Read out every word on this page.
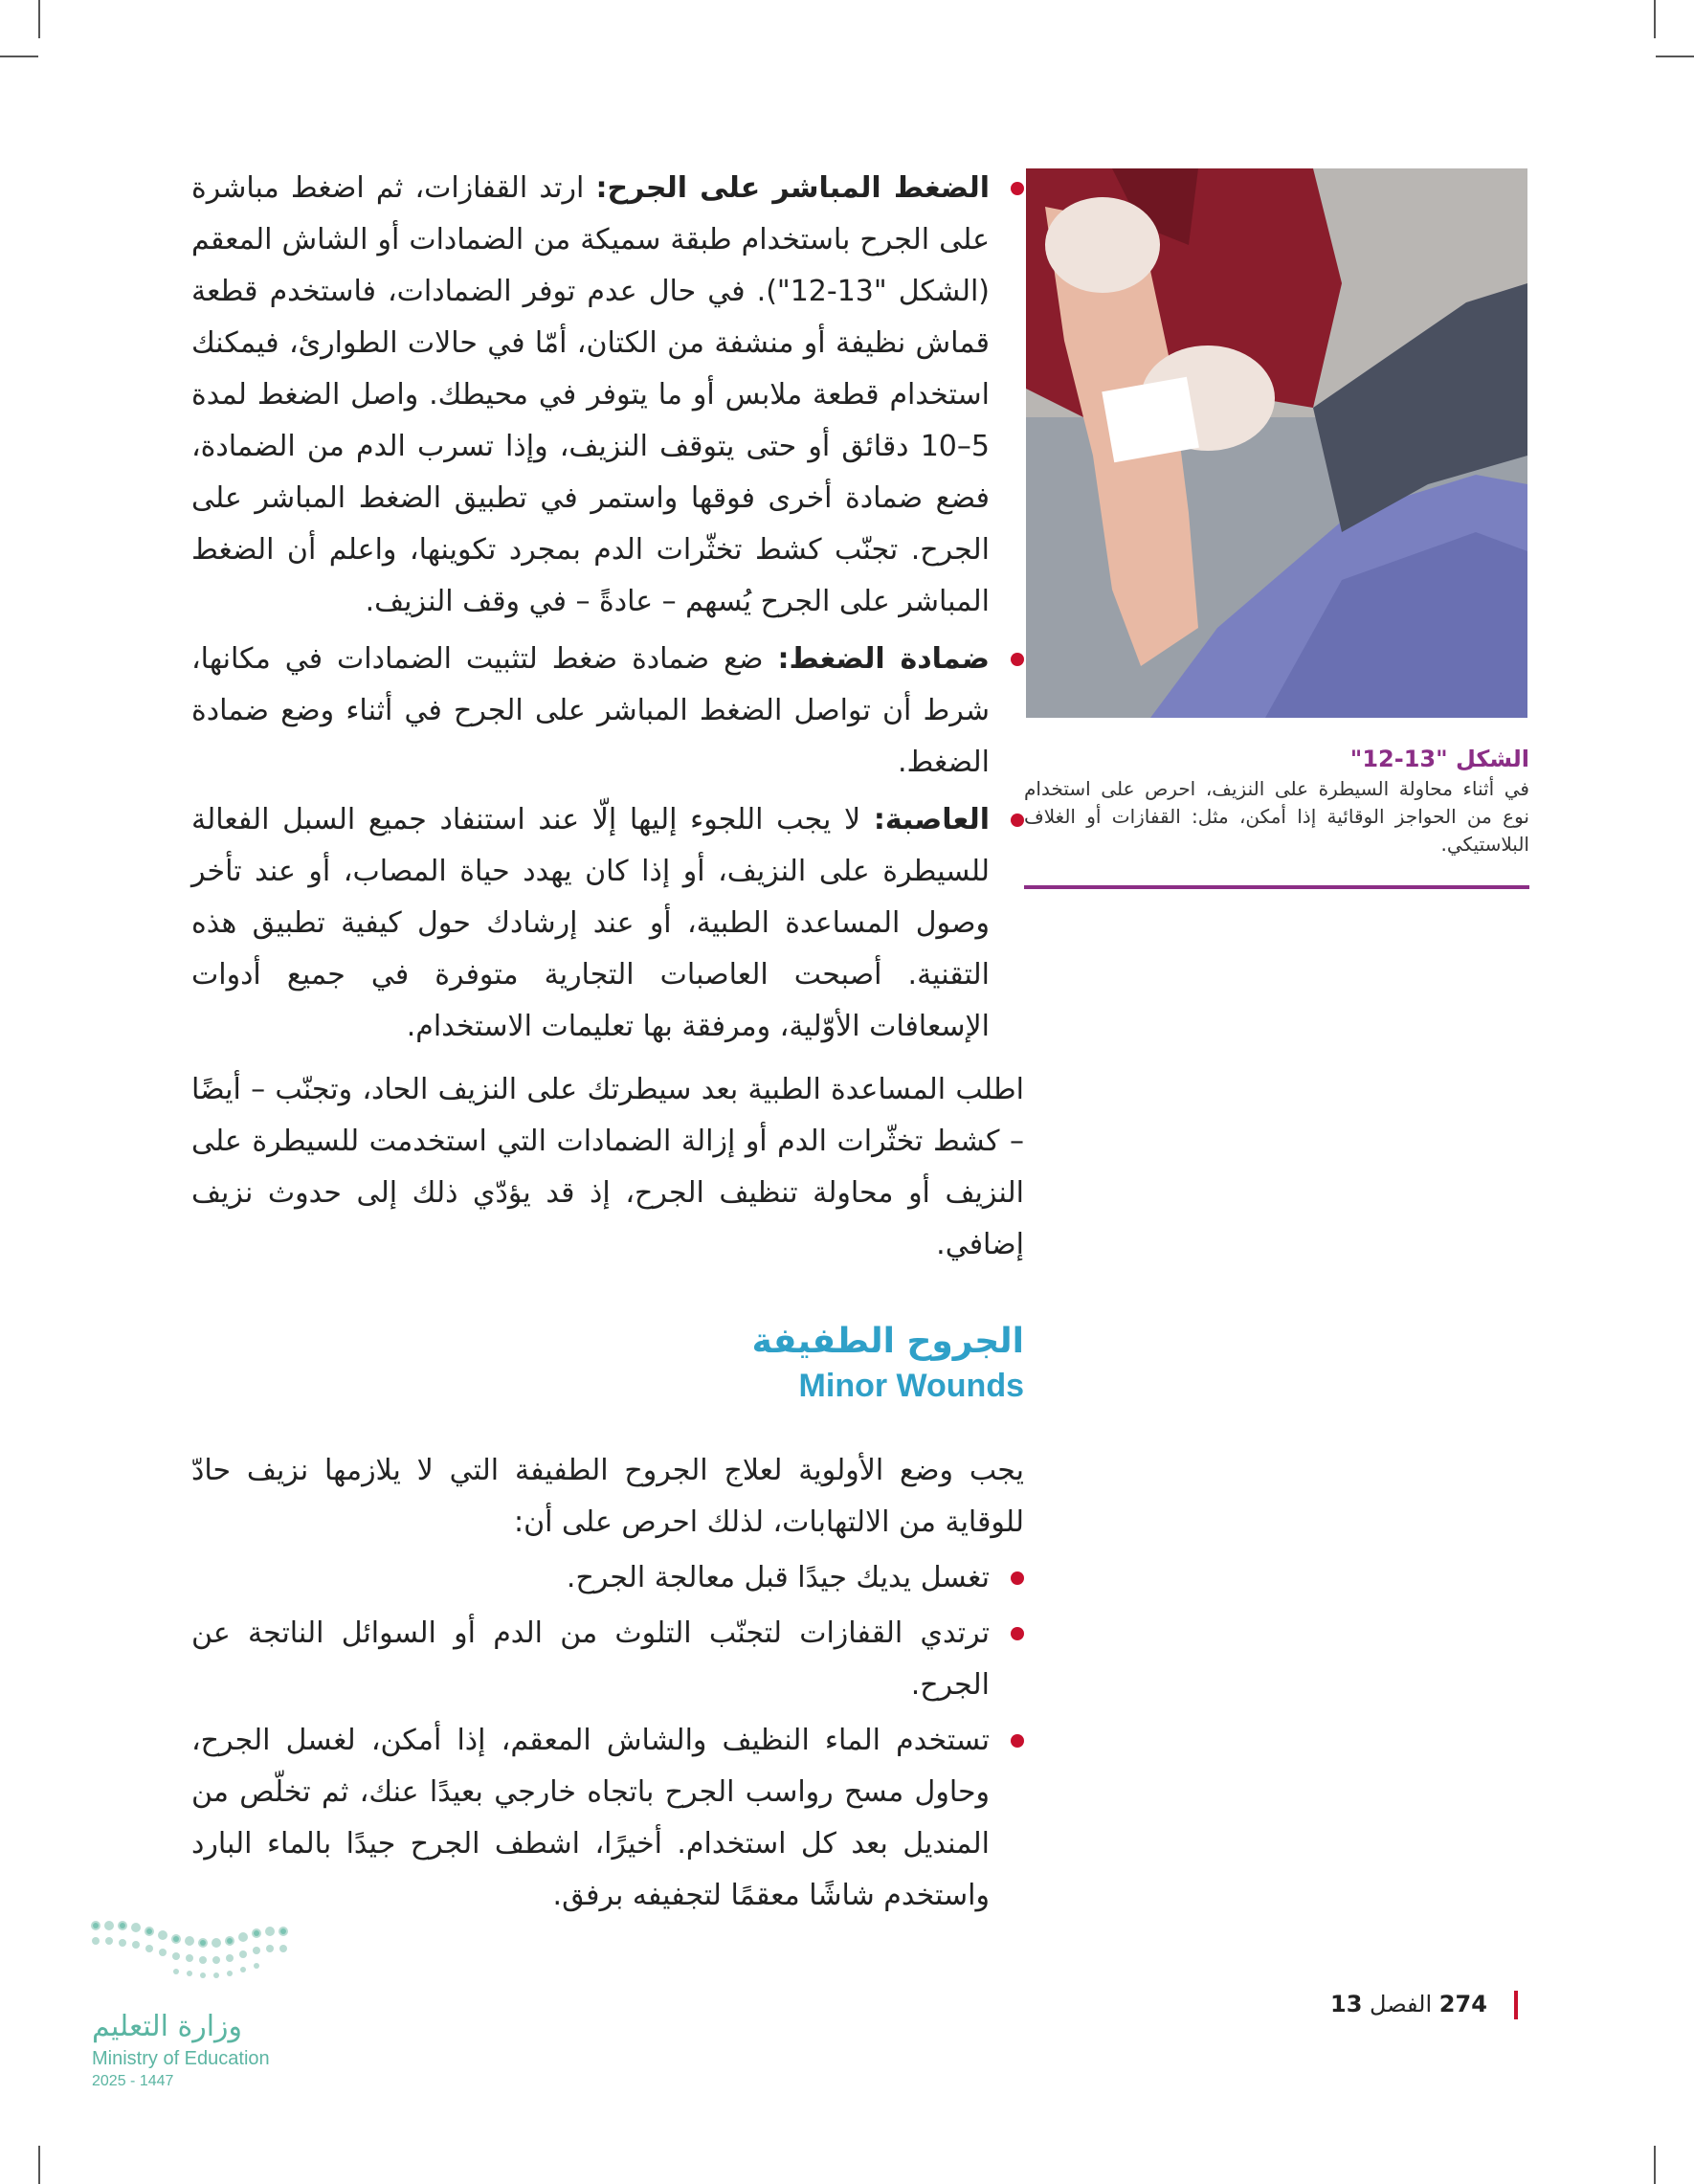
الضغط المباشر على الجرح: ارتد القفازات، ثم اضغط مباشرة على الجرح باستخدام طبقة سميكة من الضمادات أو الشاش المعقم (الشكل "13-12"). في حال عدم توفر الضمادات، فاستخدم قطعة قماش نظيفة أو منشفة من الكتان، أمّا في حالات الطوارئ، فيمكنك استخدام قطعة ملابس أو ما يتوفر في محيطك. واصل الضغط لمدة 5–10 دقائق أو حتى يتوقف النزيف، وإذا تسرب الدم من الضمادة، فضع ضمادة أخرى فوقها واستمر في تطبيق الضغط المباشر على الجرح. تجنّب كشط تخثّرات الدم بمجرد تكوينها، واعلم أن الضغط المباشر على الجرح يُسهم – عادةً – في وقف النزيف.
ضمادة الضغط: ضع ضمادة ضغط لتثبيت الضمادات في مكانها، شرط أن تواصل الضغط المباشر على الجرح في أثناء وضع ضمادة الضغط.
العاصبة: لا يجب اللجوء إليها إلّا عند استنفاد جميع السبل الفعالة للسيطرة على النزيف، أو إذا كان يهدد حياة المصاب، أو عند تأخر وصول المساعدة الطبية، أو عند إرشادك حول كيفية تطبيق هذه التقنية. أصبحت العاصبات التجارية متوفرة في جميع أدوات الإسعافات الأوّلية، ومرفقة بها تعليمات الاستخدام.

اطلب المساعدة الطبية بعد سيطرتك على النزيف الحاد، وتجنّب – أيضًا – كشط تخثّرات الدم أو إزالة الضمادات التي استخدمت للسيطرة على النزيف أو محاولة تنظيف الجرح، إذ قد يؤدّي ذلك إلى حدوث نزيف إضافي.

الجروح الطفيفة
Minor Wounds

يجب وضع الأولوية لعلاج الجروح الطفيفة التي لا يلازمها نزيف حادّ للوقاية من الالتهابات، لذلك احرص على أن:

تغسل يديك جيدًا قبل معالجة الجرح.
ترتدي القفازات لتجنّب التلوث من الدم أو السوائل الناتجة عن الجرح.
تستخدم الماء النظيف والشاش المعقم، إذا أمكن، لغسل الجرح، وحاول مسح رواسب الجرح باتجاه خارجي بعيدًا عنك، ثم تخلّص من المنديل بعد كل استخدام. أخيرًا، اشطف الجرح جيدًا بالماء البارد واستخدم شاشًا معقمًا لتجفيفه برفق.
الشكل "13-12"
في أثناء محاولة السيطرة على النزيف، احرص على استخدام نوع من الحواجز الوقائية إذا أمكن، مثل: القفازات أو الغلاف البلاستيكي.
274 الفصل 13
وزارة التعليم
Ministry of Education
2025 - 1447
